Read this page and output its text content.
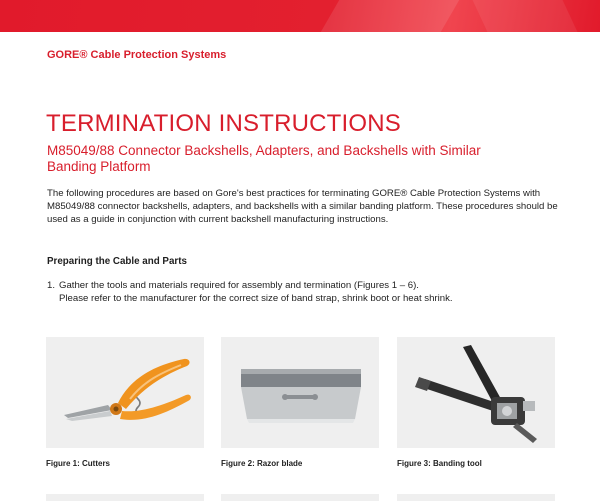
GORE® Cable Protection Systems
TERMINATION INSTRUCTIONS
M85049/88 Connector Backshells, Adapters, and Backshells with Similar Banding Platform
The following procedures are based on Gore's best practices for terminating GORE® Cable Protection Systems with M85049/88 connector backshells, adapters, and backshells with a similar banding platform. These procedures should be used as a guide in conjunction with current backshell manufacturing instructions.
Preparing the Cable and Parts
1. Gather the tools and materials required for assembly and termination (Figures 1 – 6).
Please refer to the manufacturer for the correct size of band strap, shrink boot or heat shrink.
Figure 1: Cutters	Figure 2: Razor blade	Figure 3: Banding tool
